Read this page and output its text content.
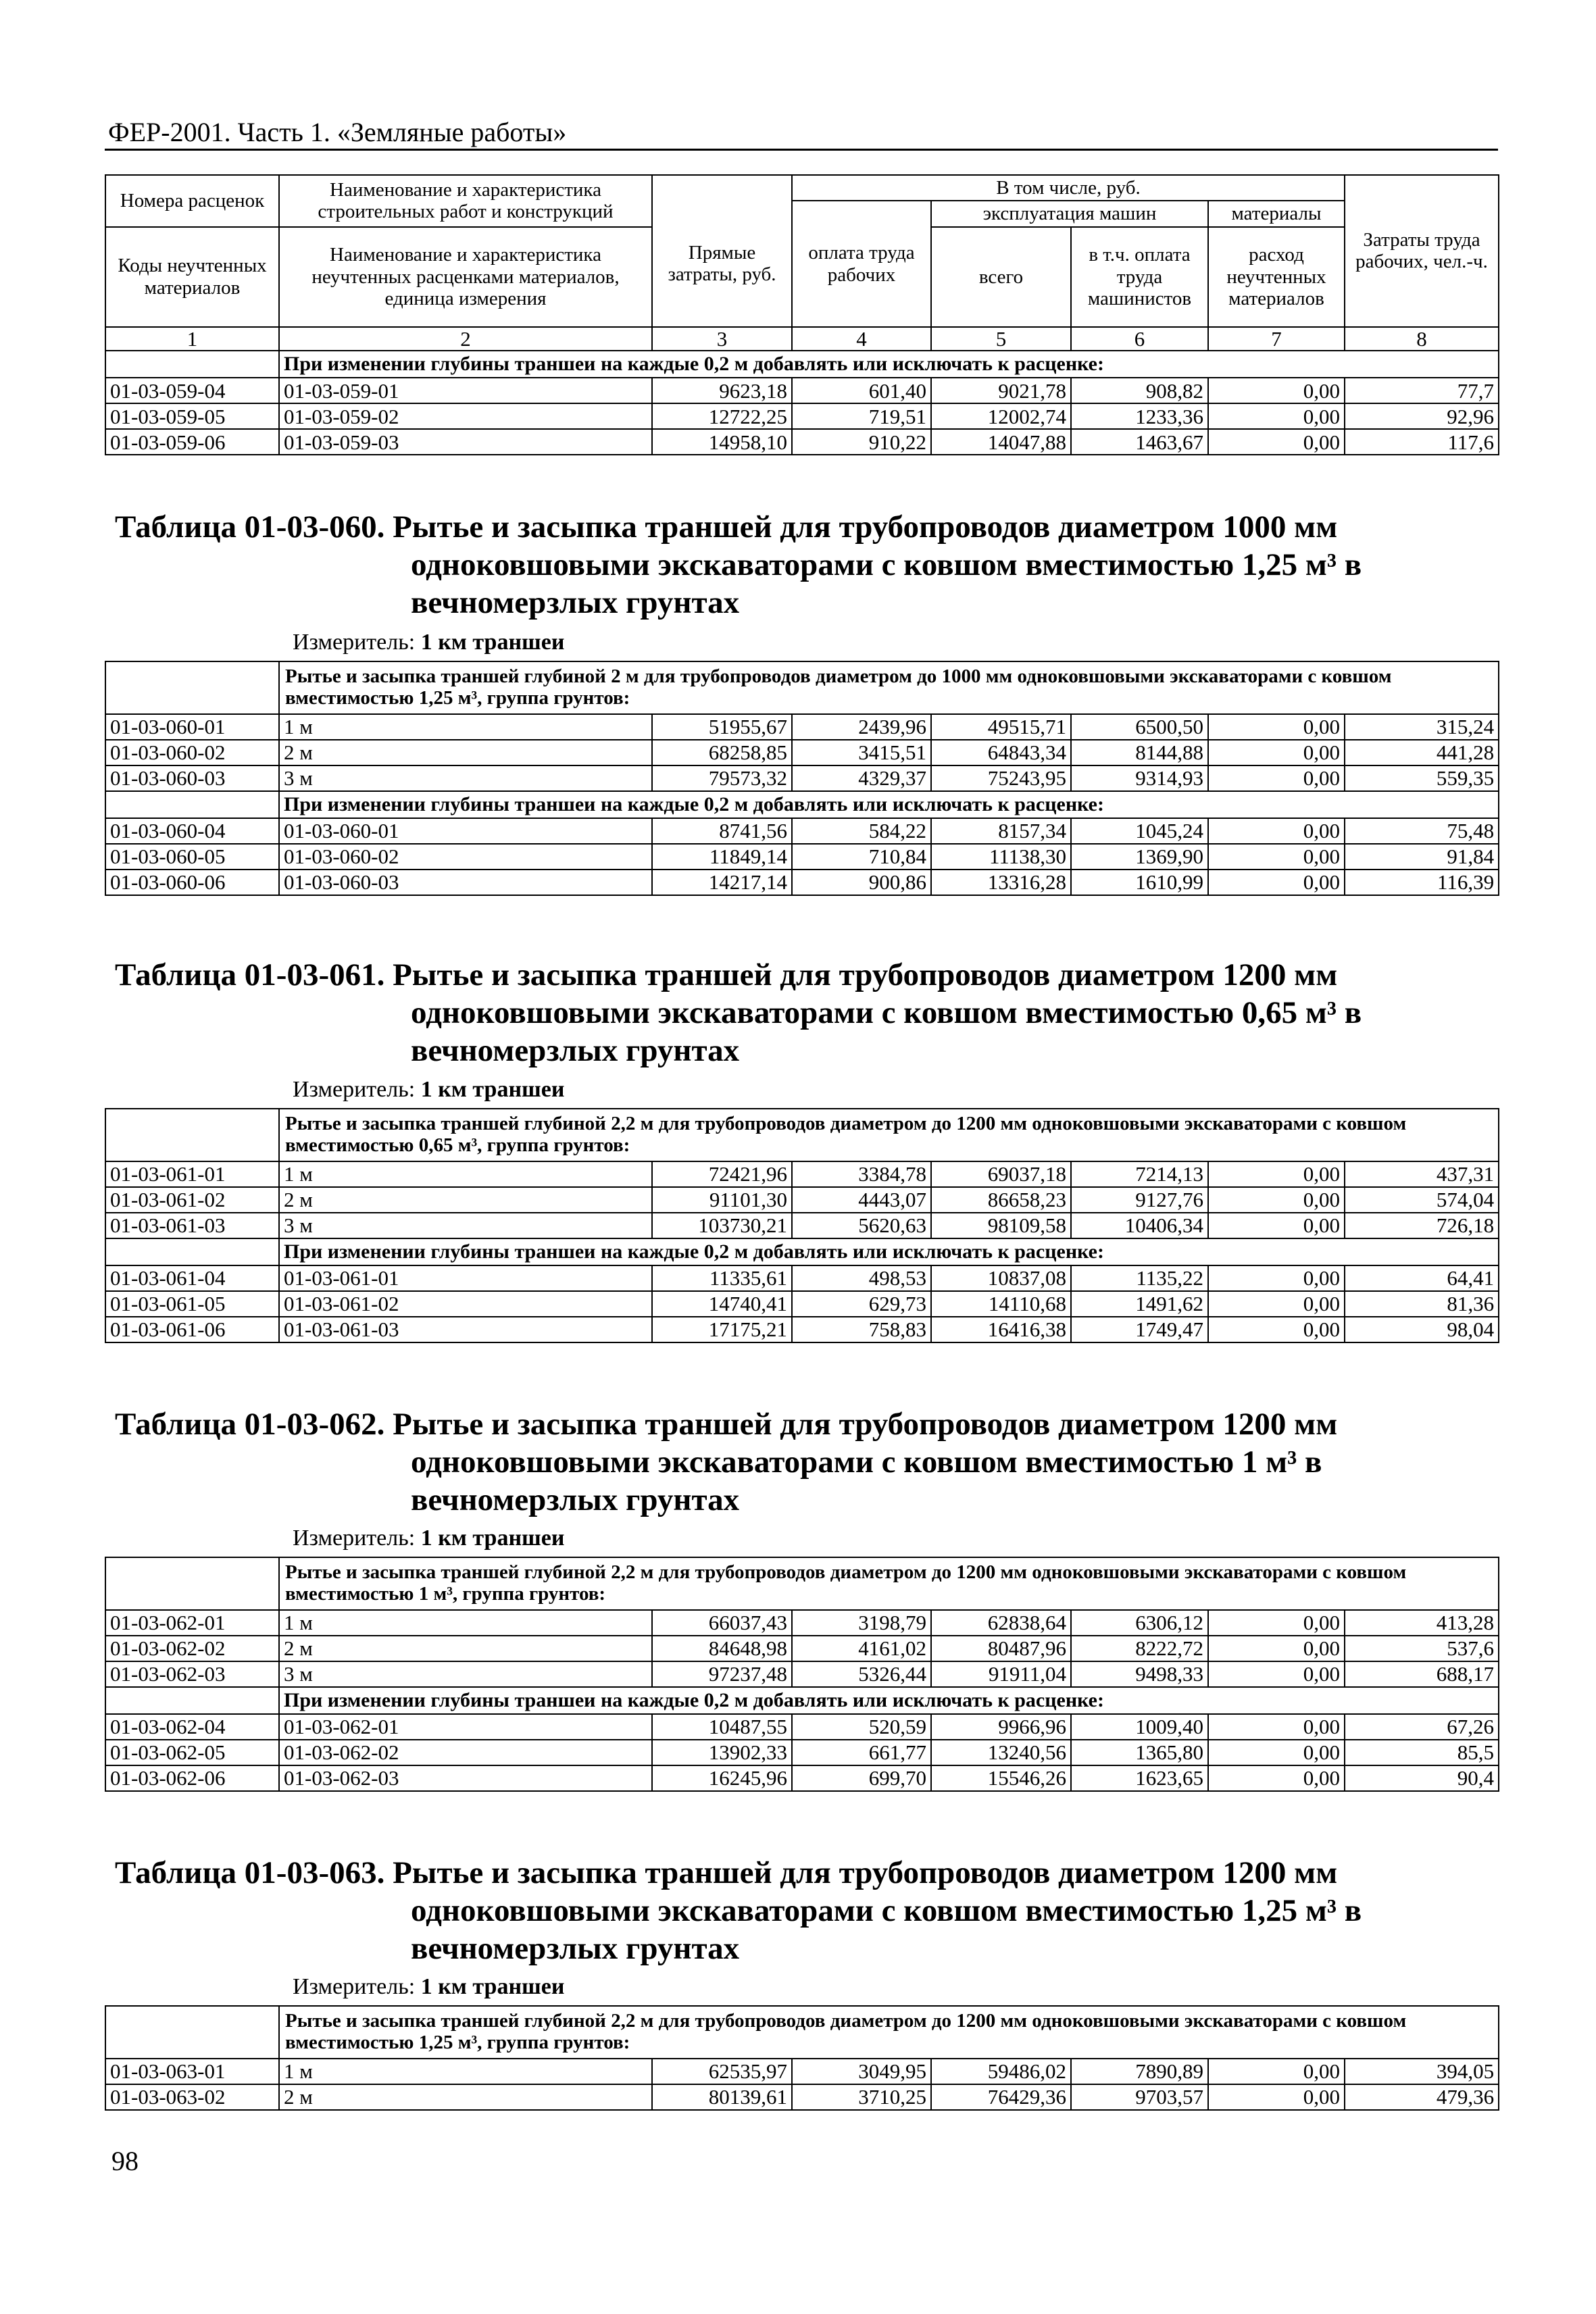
ФЕР-2001. Часть 1. «Земляные работы»
Номера расценок	Наименование и характеристика строительных работ и конструкций	Прямые затраты, руб.	В том числе, руб.				Затраты труда рабочих, чел.-ч.
			оплата труда рабочих	эксплуатация машин		материалы	
Коды неучтенных материалов	Наименование и характеристика неучтенных расценками материалов, единица измерения			всего	в т.ч. оплата труда машинистов	расход неучтенных материалов	

1	2	3	4	5	6	7	8
	При изменении глубины траншеи на каждые 0,2 м добавлять или исключать к расценке:						
01-03-059-04	01-03-059-01	9623,18	601,40	9021,78	908,82	0,00	77,7
01-03-059-05	01-03-059-02	12722,25	719,51	12002,74	1233,36	0,00	92,96
01-03-059-06	01-03-059-03	14958,10	910,22	14047,88	1463,67	0,00	117,6
Таблица 01-03-060. Рытье и засыпка траншей для трубопроводов диаметром 1000 мм
одноковшовыми экскаваторами с ковшом вместимостью 1,25 м³ в
вечномерзлых грунтах
Измеритель: 1 км траншеи
	Рытье и засыпка траншей глубиной 2 м для трубопроводов диаметром до 1000 мм одноковшовыми экскаваторами с ковшом вместимостью 1,25 м³, группа грунтов:						
01-03-060-01	1 м	51955,67	2439,96	49515,71	6500,50	0,00	315,24
01-03-060-02	2 м	68258,85	3415,51	64843,34	8144,88	0,00	441,28
01-03-060-03	3 м	79573,32	4329,37	75243,95	9314,93	0,00	559,35
	При изменении глубины траншеи на каждые 0,2 м добавлять или исключать к расценке:						
01-03-060-04	01-03-060-01	8741,56	584,22	8157,34	1045,24	0,00	75,48
01-03-060-05	01-03-060-02	11849,14	710,84	11138,30	1369,90	0,00	91,84
01-03-060-06	01-03-060-03	14217,14	900,86	13316,28	1610,99	0,00	116,39
Таблица 01-03-061. Рытье и засыпка траншей для трубопроводов диаметром 1200 мм
одноковшовыми экскаваторами с ковшом вместимостью 0,65 м³ в
вечномерзлых грунтах
Измеритель: 1 км траншеи
	Рытье и засыпка траншей глубиной 2,2 м для трубопроводов диаметром до 1200 мм одноковшовыми экскаваторами с ковшом вместимостью 0,65 м³, группа грунтов:						
01-03-061-01	1 м	72421,96	3384,78	69037,18	7214,13	0,00	437,31
01-03-061-02	2 м	91101,30	4443,07	86658,23	9127,76	0,00	574,04
01-03-061-03	3 м	103730,21	5620,63	98109,58	10406,34	0,00	726,18
	При изменении глубины траншеи на каждые 0,2 м добавлять или исключать к расценке:						
01-03-061-04	01-03-061-01	11335,61	498,53	10837,08	1135,22	0,00	64,41
01-03-061-05	01-03-061-02	14740,41	629,73	14110,68	1491,62	0,00	81,36
01-03-061-06	01-03-061-03	17175,21	758,83	16416,38	1749,47	0,00	98,04
Таблица 01-03-062. Рытье и засыпка траншей для трубопроводов диаметром 1200 мм
одноковшовыми экскаваторами с ковшом вместимостью 1 м³ в
вечномерзлых грунтах
Измеритель: 1 км траншеи
	Рытье и засыпка траншей глубиной 2,2 м для трубопроводов диаметром до 1200 мм одноковшовыми экскаваторами с ковшом вместимостью 1 м³, группа грунтов:						
01-03-062-01	1 м	66037,43	3198,79	62838,64	6306,12	0,00	413,28
01-03-062-02	2 м	84648,98	4161,02	80487,96	8222,72	0,00	537,6
01-03-062-03	3 м	97237,48	5326,44	91911,04	9498,33	0,00	688,17
	При изменении глубины траншеи на каждые 0,2 м добавлять или исключать к расценке:						
01-03-062-04	01-03-062-01	10487,55	520,59	9966,96	1009,40	0,00	67,26
01-03-062-05	01-03-062-02	13902,33	661,77	13240,56	1365,80	0,00	85,5
01-03-062-06	01-03-062-03	16245,96	699,70	15546,26	1623,65	0,00	90,4
Таблица 01-03-063. Рытье и засыпка траншей для трубопроводов диаметром 1200 мм
одноковшовыми экскаваторами с ковшом вместимостью 1,25 м³ в
вечномерзлых грунтах
Измеритель: 1 км траншеи
	Рытье и засыпка траншей глубиной 2,2 м для трубопроводов диаметром до 1200 мм одноковшовыми экскаваторами с ковшом вместимостью 1,25 м³, группа грунтов:						
01-03-063-01	1 м	62535,97	3049,95	59486,02	7890,89	0,00	394,05
01-03-063-02	2 м	80139,61	3710,25	76429,36	9703,57	0,00	479,36
98
